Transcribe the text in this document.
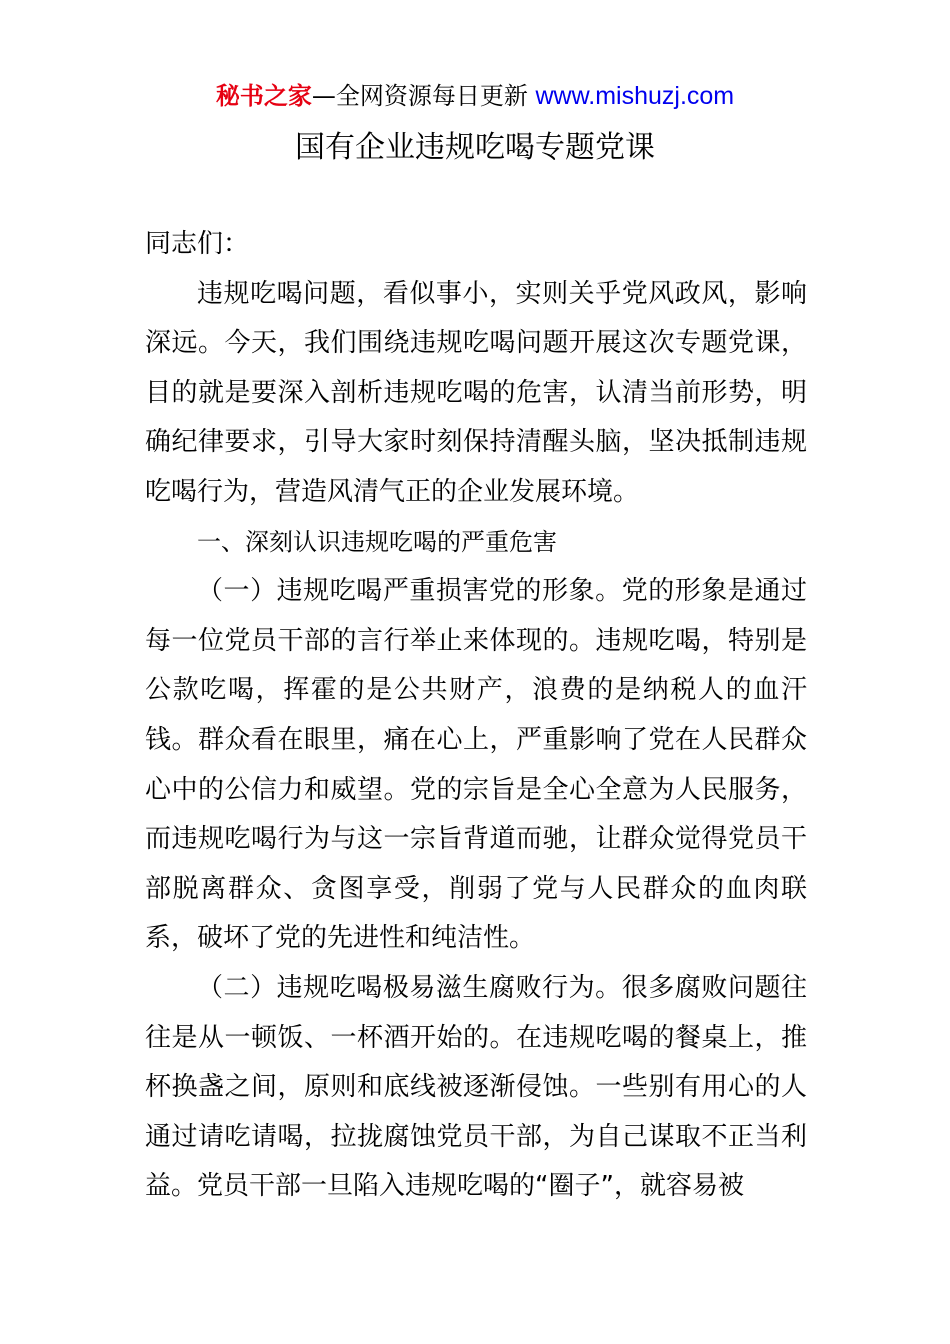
秘书之家—全网资源每日更新 www.mishuzj.com
国有企业违规吃喝专题党课

同志们：

违规吃喝问题，看似事小，实则关乎党风政风，影响深远。今天，我们围绕违规吃喝问题开展这次专题党课，目的就是要深入剖析违规吃喝的危害，认清当前形势，明确纪律要求，引导大家时刻保持清醒头脑，坚决抵制违规吃喝行为，营造风清气正的企业发展环境。

一、深刻认识违规吃喝的严重危害

（一）违规吃喝严重损害党的形象。党的形象是通过每一位党员干部的言行举止来体现的。违规吃喝，特别是公款吃喝，挥霍的是公共财产，浪费的是纳税人的血汗钱。群众看在眼里，痛在心上，严重影响了党在人民群众心中的公信力和威望。党的宗旨是全心全意为人民服务，而违规吃喝行为与这一宗旨背道而驰，让群众觉得党员干部脱离群众、贪图享受，削弱了党与人民群众的血肉联系，破坏了党的先进性和纯洁性。

（二）违规吃喝极易滋生腐败行为。很多腐败问题往往是从一顿饭、一杯酒开始的。在违规吃喝的餐桌上，推杯换盏之间，原则和底线被逐渐侵蚀。一些别有用心的人通过请吃请喝，拉拢腐蚀党员干部，为自己谋取不正当利益。党员干部一旦陷入违规吃喝的“圈子”，就容易被
